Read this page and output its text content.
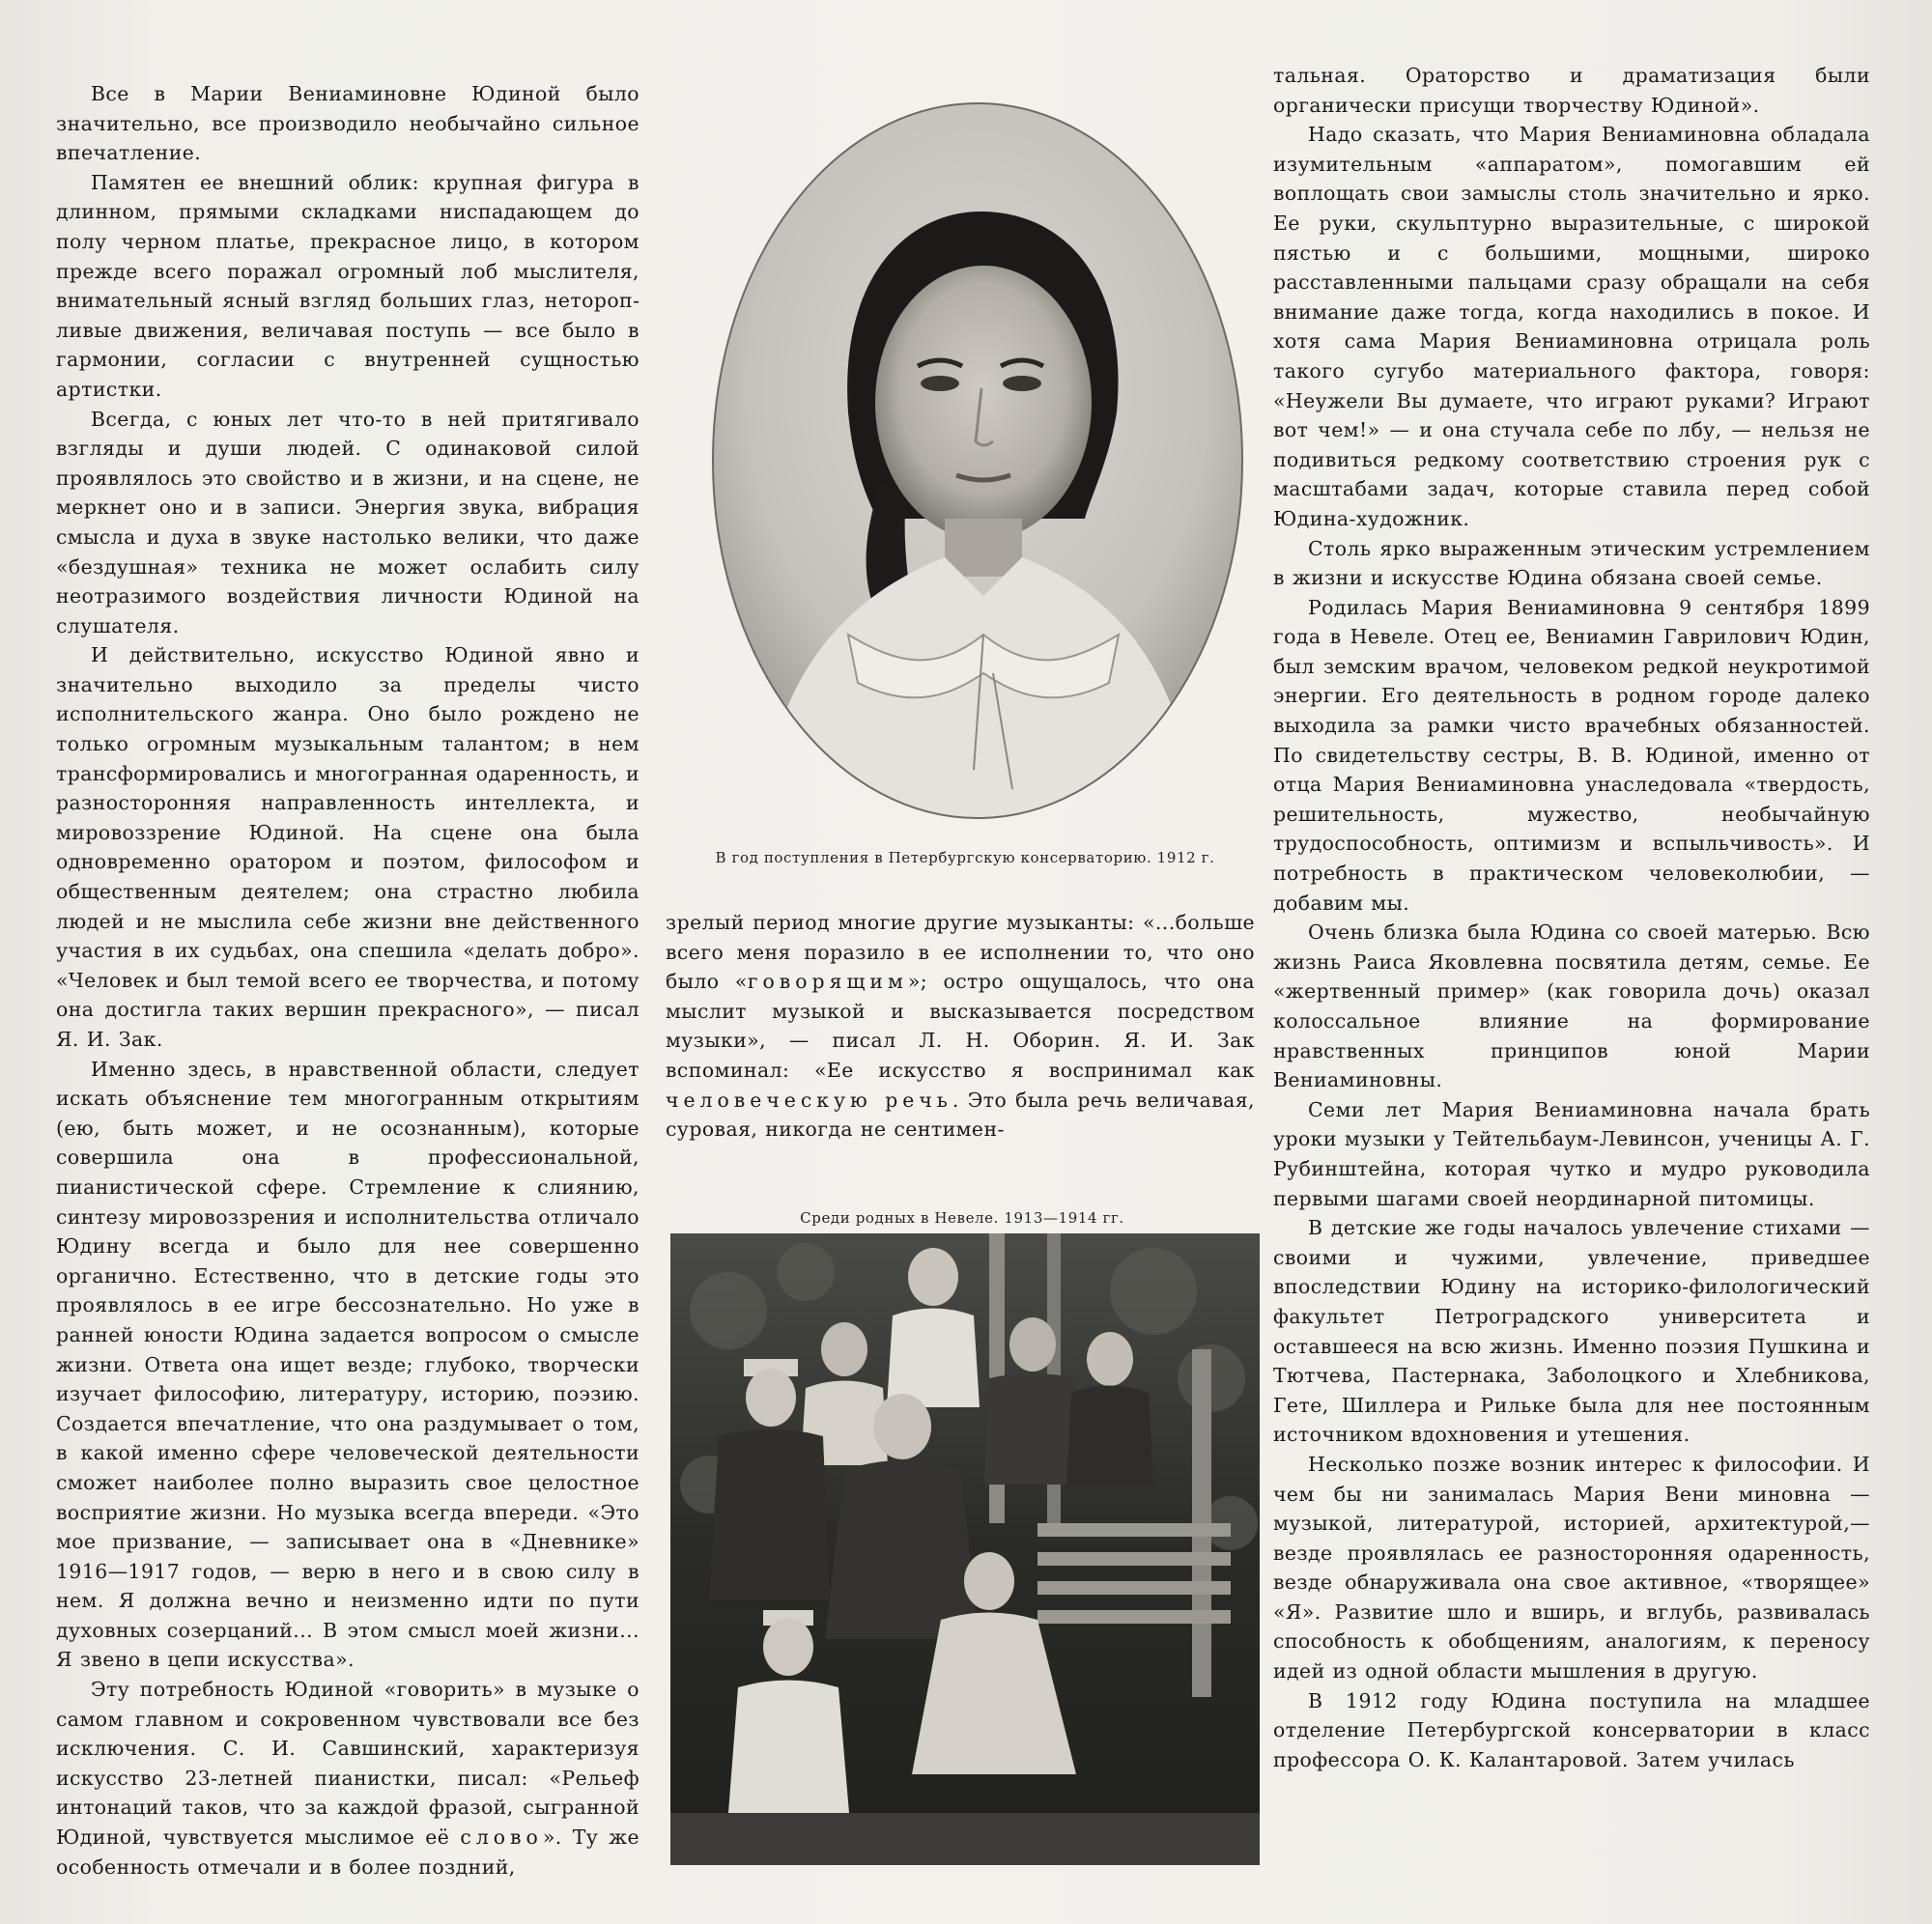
Все в Марии Вениаминовне Юдиной было значительно, все производило необычайно сильное впечатление.

Памятен ее внешний облик: крупная фигура в длинном, прямыми складками ниспадающем до полу черном платье, прекрасное лицо, в котором прежде всего поражал огромный лоб мыслителя, внимательный ясный взгляд больших глаз, неторопливые движения, величавая поступь — все было в гармонии, согласии с внутренней сущностью артистки.

Всегда, с юных лет что-то в ней притягивало взгляды и души людей. С одинаковой силой проявлялось это свойство и в жизни, и на сцене, не меркнет оно и в записи. Энергия звука, вибрация смысла и духа в звуке настолько велики, что даже «бездушная» техника не может ослабить силу неотразимого воздействия личности Юдиной на слушателя.

И действительно, искусство Юдиной явно и значительно выходило за пределы чисто исполнительского жанра. Оно было рождено не только огромным музыкальным талантом; в нем трансформировались и многогранная одаренность, и разносторонняя направленность интеллекта, и мировоззрение Юдиной. На сцене она была одновременно оратором и поэтом, философом и общественным деятелем; она страстно любила людей и не мыслила себе жизни вне действенного участия в их судьбах, она спешила «делать добро». «Человек и был темой всего ее творчества, и потому она достигла таких вершин прекрасного», — писал Я. И. Зак.

Именно здесь, в нравственной области, следует искать объяснение тем многогранным открытиям (ею, быть может, и не осознанным), которые совершила она в профессиональной, пианистической сфере. Стремление к слиянию, синтезу мировоззрения и исполнительства отличало Юдину всегда и было для нее совершенно органично. Естественно, что в детские годы это проявлялось в ее игре бессознательно. Но уже в ранней юности Юдина задается вопросом о смысле жизни. Ответа она ищет везде; глубоко, творчески изучает философию, литературу, историю, поэзию. Создается впечатление, что она раздумывает о том, в какой именно сфере человеческой деятельности сможет наиболее полно выразить свое целостное восприятие жизни. Но музыка всегда впереди. «Это мое призвание, — записывает она в «Дневнике» 1916—1917 годов, — верю в него и в свою силу в нем. Я должна вечно и неизменно идти по пути духовных созерцаний... В этом смысл моей жизни... Я звено в цепи искусства».

Эту потребность Юдиной «говорить» в музыке о самом главном и сокровенном чувствовали все без исключения. С. И. Савшинский, характеризуя искусство 23-летней пианистки, писал: «Рельеф интонаций таков, что за каждой фразой, сыгранной Юдиной, чувствуется мыслимое её слово». Ту же особенность отмечали и в более поздний,

В год поступления в Петербургскую консерваторию. 1912 г.

зрелый период многие другие музыканты: «...больше всего меня поразило в ее исполнении то, что оно было «говорящим»; остро ощущалось, что она мыслит музыкой и высказывается посредством музыки», — писал Л. Н. Оборин. Я. И. Зак вспоминал: «Ее искусство я воспринимал как человеческую речь. Это была речь величавая, суровая, никогда не сентимен-

Среди родных в Невеле. 1913—1914 гг.

тальная. Ораторство и драматизация были органически присущи творчеству Юдиной».

Надо сказать, что Мария Вениаминовна обладала изумительным «аппаратом», помогавшим ей воплощать свои замыслы столь значительно и ярко. Ее руки, скульптурно выразительные, с широкой пястью и с большими, мощными, широко расставленными пальцами сразу обращали на себя внимание даже тогда, когда находились в покое. И хотя сама Мария Вениаминовна отрицала роль такого сугубо материального фактора, говоря: «Неужели Вы думаете, что играют руками? Играют вот чем!» — и она стучала себе по лбу, — нельзя не подивиться редкому соответствию строения рук с масштабами задач, которые ставила перед собой Юдина-художник.

Столь ярко выраженным этическим устремлением в жизни и искусстве Юдина обязана своей семье.

Родилась Мария Вениаминовна 9 сентября 1899 года в Невеле. Отец ее, Вениамин Гаврилович Юдин, был земским врачом, человеком редкой неукротимой энергии. Его деятельность в родном городе далеко выходила за рамки чисто врачебных обязанностей. По свидетельству сестры, В. В. Юдиной, именно от отца Мария Вениаминовна унаследовала «твердость, решительность, мужество, необычайную трудоспособность, оптимизм и вспыльчивость». И потребность в практическом человеколюбии, — добавим мы.

Очень близка была Юдина со своей матерью. Всю жизнь Раиса Яковлевна посвятила детям, семье. Ее «жертвенный пример» (как говорила дочь) оказал колоссальное влияние на формирование нравственных принципов юной Марии Вениаминовны.

Семи лет Мария Вениаминовна начала брать уроки музыки у Тейтельбаум-Левинсон, ученицы А. Г. Рубинштейна, которая чутко и мудро руководила первыми шагами своей неординарной питомицы.

В детские же годы началось увлечение стихами — своими и чужими, увлечение, приведшее впоследствии Юдину на историко-филологический факультет Петроградского университета и оставшееся на всю жизнь. Именно поэзия Пушкина и Тютчева, Пастернака, Заболоцкого и Хлебникова, Гете, Шиллера и Рильке была для нее постоянным источником вдохновения и утешения.

Несколько позже возник интерес к философии. И чем бы ни занималась Мария Вени миновна — музыкой, литературой, историей, архитектурой,— везде проявлялась ее разносторонняя одаренность, везде обнаруживала она свое активное, «творящее» «Я». Развитие шло и вширь, и вглубь, развивалась способность к обобщениям, аналогиям, к переносу идей из одной области мышления в другую.

В 1912 году Юдина поступила на младшее отделение Петербургской консерватории в класс профессора О. К. Калантаровой. Затем училась
